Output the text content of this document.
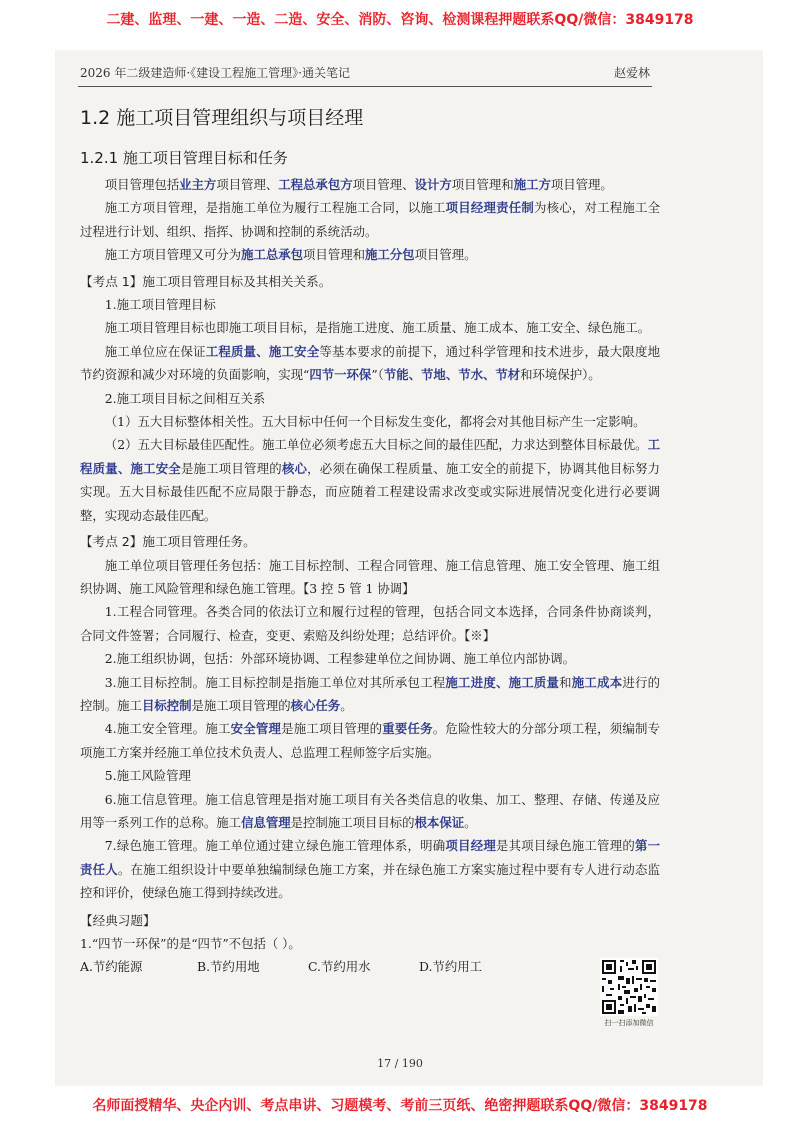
二建、监理、一建、一造、二造、安全、消防、咨询、检测课程押题联系QQ/微信：3849178
2026 年二级建造师·《建设工程施工管理》·通关笔记	赵爱林
1.2 施工项目管理组织与项目经理
1.2.1 施工项目管理目标和任务

项目管理包括业主方项目管理、工程总承包方项目管理、设计方项目管理和施工方项目管理。

施工方项目管理，是指施工单位为履行工程施工合同，以施工项目经理责任制为核心，对工程施工全过程进行计划、组织、指挥、协调和控制的系统活动。

施工方项目管理又可分为施工总承包项目管理和施工分包项目管理。

【考点 1】施工项目管理目标及其相关关系。

1.施工项目管理目标

施工项目管理目标也即施工项目目标，是指施工进度、施工质量、施工成本、施工安全、绿色施工。

施工单位应在保证工程质量、施工安全等基本要求的前提下，通过科学管理和技术进步，最大限度地节约资源和减少对环境的负面影响，实现“四节一环保”（节能、节地、节水、节材和环境保护）。

2.施工项目目标之间相互关系

（1）五大目标整体相关性。五大目标中任何一个目标发生变化，都将会对其他目标产生一定影响。

（2）五大目标最佳匹配性。施工单位必须考虑五大目标之间的最佳匹配，力求达到整体目标最优。工程质量、施工安全是施工项目管理的核心，必须在确保工程质量、施工安全的前提下，协调其他目标努力实现。五大目标最佳匹配不应局限于静态，而应随着工程建设需求改变或实际进展情况变化进行必要调整，实现动态最佳匹配。

【考点 2】施工项目管理任务。

施工单位项目管理任务包括：施工目标控制、工程合同管理、施工信息管理、施工安全管理、施工组织协调、施工风险管理和绿色施工管理。【3 控 5 管 1 协调】

1.工程合同管理。各类合同的依法订立和履行过程的管理，包括合同文本选择，合同条件协商谈判，合同文件签署；合同履行、检查，变更、索赔及纠纷处理；总结评价。【※】

2.施工组织协调，包括：外部环境协调、工程参建单位之间协调、施工单位内部协调。

3.施工目标控制。施工目标控制是指施工单位对其所承包工程施工进度、施工质量和施工成本进行的控制。施工目标控制是施工项目管理的核心任务。

4.施工安全管理。施工安全管理是施工项目管理的重要任务。危险性较大的分部分项工程，须编制专项施工方案并经施工单位技术负责人、总监理工程师签字后实施。

5.施工风险管理

6.施工信息管理。施工信息管理是指对施工项目有关各类信息的收集、加工、整理、存储、传递及应用等一系列工作的总称。施工信息管理是控制施工项目目标的根本保证。

7.绿色施工管理。施工单位通过建立绿色施工管理体系，明确项目经理是其项目绿色施工管理的第一责任人。在施工组织设计中要单独编制绿色施工方案，并在绿色施工方案实施过程中要有专人进行动态监控和评价，使绿色施工得到持续改进。

【经典习题】

1.“四节一环保”的是“四节”不包括（ ）。

A.节约能源	B.节约用地	C.节约用水	D.节约用工
扫一扫添加微信
17 / 190
名师面授精华、央企内训、考点串讲、习题模考、考前三页纸、绝密押题联系QQ/微信：3849178
